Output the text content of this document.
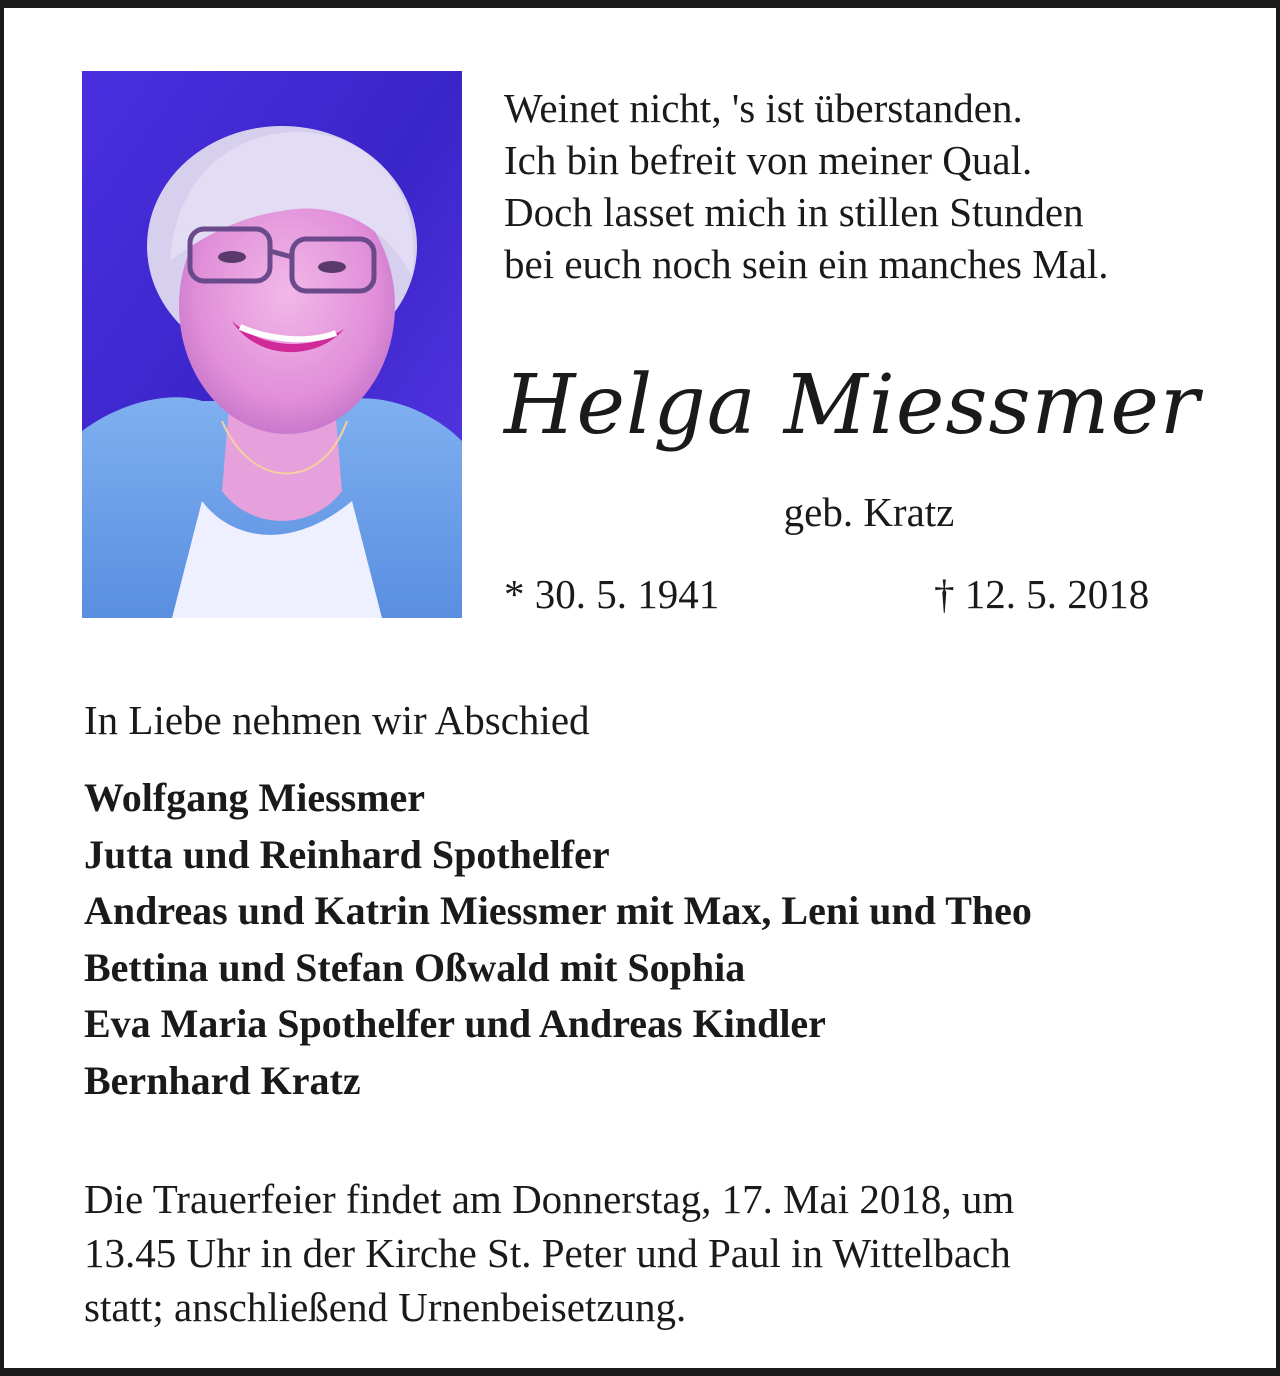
Weinet nicht, 's ist überstanden.
Ich bin befreit von meiner Qual.
Doch lasset mich in stillen Stunden
bei euch noch sein ein manches Mal.
Helga Miessmer
geb. Kratz
* 30. 5. 1941	† 12. 5. 2018
In Liebe nehmen wir Abschied
Wolfgang Miessmer
Jutta und Reinhard Spothelfer
Andreas und Katrin Miessmer mit Max, Leni und Theo
Bettina und Stefan Oßwald mit Sophia
Eva Maria Spothelfer und Andreas Kindler
Bernhard Kratz
Die Trauerfeier findet am Donnerstag, 17. Mai 2018, um
13.45 Uhr in der Kirche St. Peter und Paul in Wittelbach
statt; anschließend Urnenbeisetzung.
